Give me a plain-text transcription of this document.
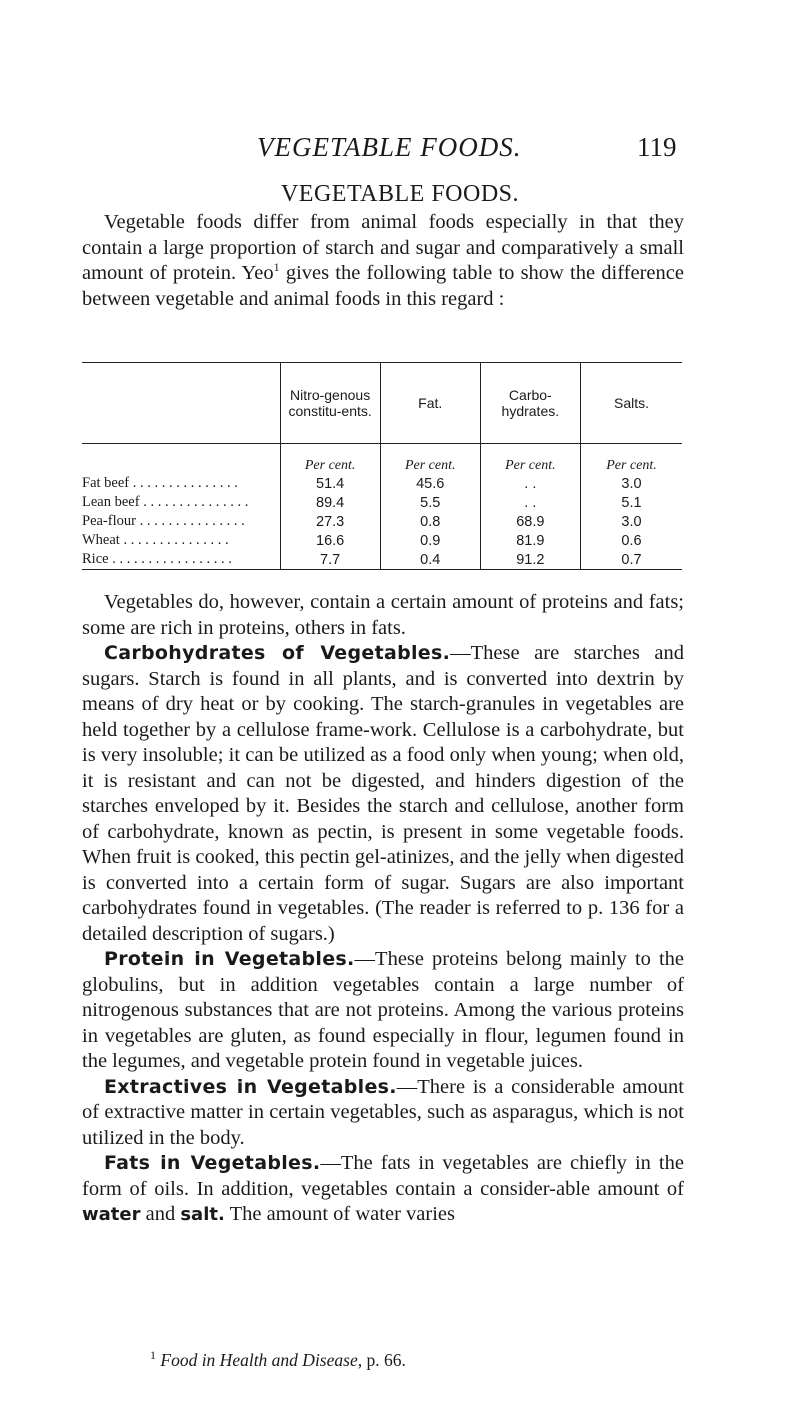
VEGETABLE FOODS.	119
VEGETABLE FOODS.
Vegetable foods differ from animal foods especially in that they contain a large proportion of starch and sugar and comparatively a small amount of protein. Yeo$^1$ gives the following table to show the difference between vegetable and animal foods in this regard :

	Nitro-genous constitu-ents.	Fat.	Carbo-hydrates.	Salts.

	Per cent.	Per cent.	Per cent.	Per cent.
Fat beef . . . . . . . . . . . . . . .	51.4	45.6	. .	3.0
Lean beef . . . . . . . . . . . . . . .	89.4	5.5	. .	5.1
Pea-flour . . . . . . . . . . . . . . .	27.3	0.8	68.9	3.0
Wheat . . . . . . . . . . . . . . .	16.6	0.9	81.9	0.6
Rice . . . . . . . . . . . . . . . . .	7.7	0.4	91.2	0.7

Vegetables do, however, contain a certain amount of proteins and fats; some are rich in proteins, others in fats.

Carbohydrates of Vegetables.—These are starches and sugars. Starch is found in all plants, and is converted into dextrin by means of dry heat or by cooking. The starch-granules in vegetables are held together by a cellulose frame-work. Cellulose is a carbohydrate, but is very insoluble; it can be utilized as a food only when young; when old, it is resistant and can not be digested, and hinders digestion of the starches enveloped by it. Besides the starch and cellulose, another form of carbohydrate, known as pectin, is present in some vegetable foods. When fruit is cooked, this pectin gel-atinizes, and the jelly when digested is converted into a certain form of sugar. Sugars are also important carbohydrates found in vegetables. (The reader is referred to p. 136 for a detailed description of sugars.)

Protein in Vegetables.—These proteins belong mainly to the globulins, but in addition vegetables contain a large number of nitrogenous substances that are not proteins. Among the various proteins in vegetables are gluten, as found especially in flour, legumen found in the legumes, and vegetable protein found in vegetable juices.

Extractives in Vegetables.—There is a considerable amount of extractive matter in certain vegetables, such as asparagus, which is not utilized in the body.

Fats in Vegetables.—The fats in vegetables are chiefly in the form of oils. In addition, vegetables contain a consider-able amount of water and salt. The amount of water varies

$^1$ Food in Health and Disease, p. 66.
